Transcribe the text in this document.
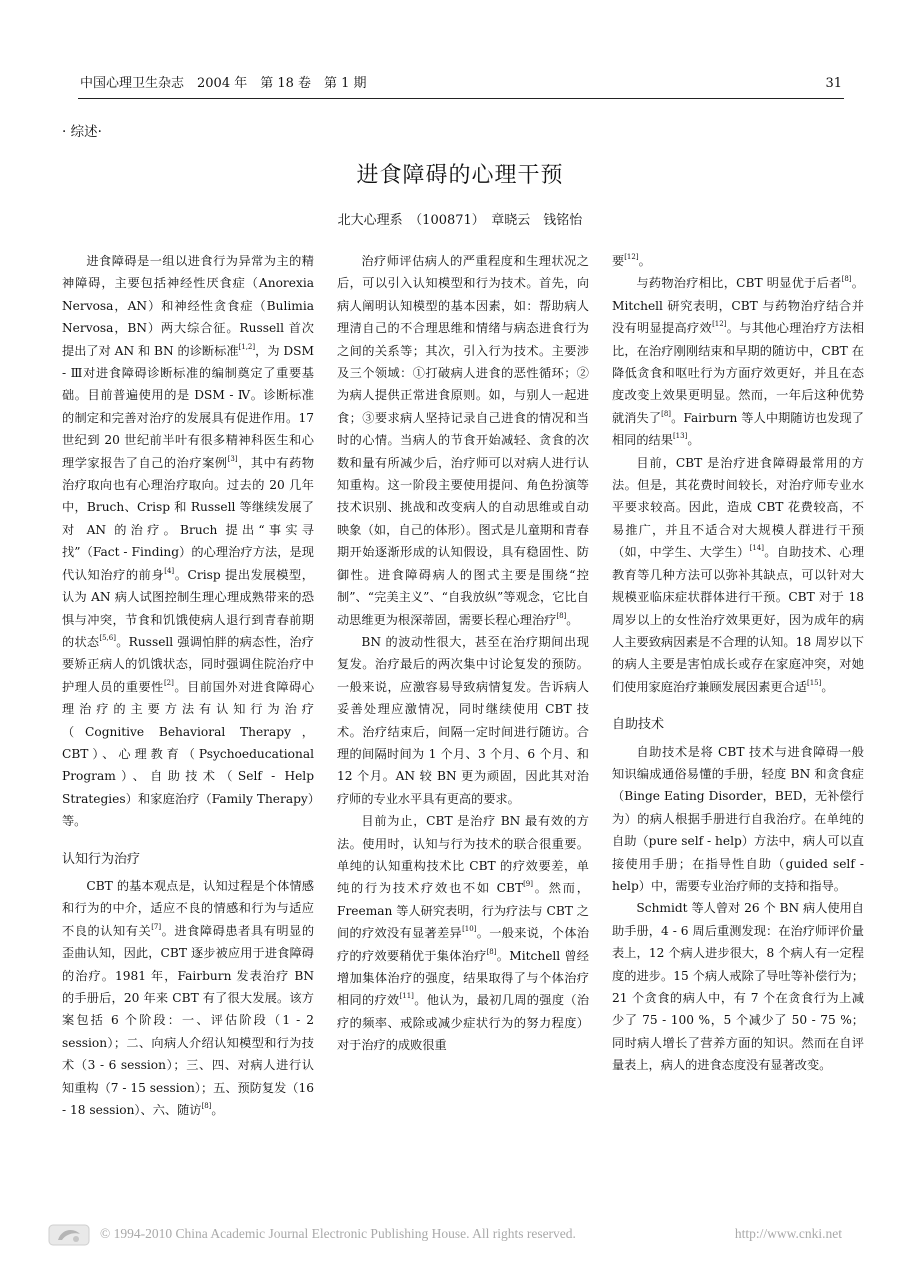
中国心理卫生杂志　2004 年　第 18 卷　第 1 期	31
· 综述·
进食障碍的心理干预
北大心理系　（100871）　章晓云　钱铭怡

进食障碍是一组以进食行为异常为主的精神障碍，主要包括神经性厌食症（Anorexia Nervosa，AN）和神经性贪食症（Bulimia Nervosa，BN）两大综合征。Russell 首次提出了对 AN 和 BN 的诊断标准[1,2]，为 DSM - Ⅲ对进食障碍诊断标准的编制奠定了重要基础。目前普遍使用的是 DSM - Ⅳ。诊断标准的制定和完善对治疗的发展具有促进作用。17 世纪到 20 世纪前半叶有很多精神科医生和心理学家报告了自己的治疗案例[3]，其中有药物治疗取向也有心理治疗取向。过去的 20 几年中，Bruch、Crisp 和 Russell 等继续发展了对 AN 的治疗。Bruch 提出“事实寻找”（Fact - Finding）的心理治疗方法，是现代认知治疗的前身[4]。Crisp 提出发展模型，认为 AN 病人试图控制生理心理成熟带来的恐惧与冲突，节食和饥饿使病人退行到青春前期的状态[5,6]。Russell 强调怕胖的病态性，治疗要矫正病人的饥饿状态，同时强调住院治疗中护理人员的重要性[2]。目前国外对进食障碍心理治疗的主要方法有认知行为治疗（Cognitive Behavioral Therapy，CBT）、心理教育（Psychoeducational Program）、自助技术（Self - Help Strategies）和家庭治疗（Family Therapy）等。

认知行为治疗

CBT 的基本观点是，认知过程是个体情感和行为的中介，适应不良的情感和行为与适应不良的认知有关[7]。进食障碍患者具有明显的歪曲认知，因此，CBT 逐步被应用于进食障碍的治疗。1981 年，Fairburn 发表治疗 BN 的手册后，20 年来 CBT 有了很大发展。该方案包括 6 个阶段：一、评估阶段（1 - 2 session）；二、向病人介绍认知模型和行为技术（3 - 6 session）；三、四、对病人进行认知重构（7 - 15 session）；五、预防复发（16 - 18 session）、六、随访[8]。

治疗师评估病人的严重程度和生理状况之后，可以引入认知模型和行为技术。首先，向病人阐明认知模型的基本因素，如：帮助病人理清自己的不合理思维和情绪与病态进食行为之间的关系等；其次，引入行为技术。主要涉及三个领域：①打破病人进食的恶性循环；②为病人提供正常进食原则。如，与别人一起进食；③要求病人坚持记录自己进食的情况和当时的心情。当病人的节食开始减轻、贪食的次数和量有所减少后，治疗师可以对病人进行认知重构。这一阶段主要使用提问、角色扮演等技术识别、挑战和改变病人的自动思维或自动映象（如，自己的体形）。图式是儿童期和青春期开始逐渐形成的认知假设，具有稳固性、防御性。进食障碍病人的图式主要是围绕“控制”、“完美主义”、“自我放纵”等观念，它比自动思维更为根深蒂固，需要长程心理治疗[8]。

BN 的波动性很大，甚至在治疗期间出现复发。治疗最后的两次集中讨论复发的预防。一般来说，应激容易导致病情复发。告诉病人妥善处理应激情况，同时继续使用 CBT 技术。治疗结束后，间隔一定时间进行随访。合理的间隔时间为 1 个月、3 个月、6 个月、和 12 个月。AN 较 BN 更为顽固，因此其对治疗师的专业水平具有更高的要求。

目前为止，CBT 是治疗 BN 最有效的方法。使用时，认知与行为技术的联合很重要。单纯的认知重构技术比 CBT 的疗效要差，单纯的行为技术疗效也不如 CBT[9]。然而，Freeman 等人研究表明，行为疗法与 CBT 之间的疗效没有显著差异[10]。一般来说，个体治疗的疗效要稍优于集体治疗[8]。Mitchell 曾经增加集体治疗的强度，结果取得了与个体治疗相同的疗效[11]。他认为，最初几周的强度（治疗的频率、戒除或减少症状行为的努力程度）对于治疗的成败很重

要[12]。

与药物治疗相比，CBT 明显优于后者[8]。Mitchell 研究表明，CBT 与药物治疗结合并没有明显提高疗效[12]。与其他心理治疗方法相比，在治疗刚刚结束和早期的随访中，CBT 在降低贪食和呕吐行为方面疗效更好，并且在态度改变上效果更明显。然而，一年后这种优势就消失了[8]。Fairburn 等人中期随访也发现了相同的结果[13]。

目前，CBT 是治疗进食障碍最常用的方法。但是，其花费时间较长，对治疗师专业水平要求较高。因此，造成 CBT 花费较高，不易推广，并且不适合对大规模人群进行干预（如，中学生、大学生）[14]。自助技术、心理教育等几种方法可以弥补其缺点，可以针对大规模亚临床症状群体进行干预。CBT 对于 18 周岁以上的女性治疗效果更好，因为成年的病人主要致病因素是不合理的认知。18 周岁以下的病人主要是害怕成长或存在家庭冲突，对她们使用家庭治疗兼顾发展因素更合适[15]。

自助技术

自助技术是将 CBT 技术与进食障碍一般知识编成通俗易懂的手册，轻度 BN 和贪食症（Binge Eating Disorder，BED，无补偿行为）的病人根据手册进行自我治疗。在单纯的自助（pure self - help）方法中，病人可以直接使用手册；在指导性自助（guided self - help）中，需要专业治疗师的支持和指导。

Schmidt 等人曾对 26 个 BN 病人使用自助手册，4 - 6 周后重测发现：在治疗师评价量表上，12 个病人进步很大，8 个病人有一定程度的进步。15 个病人戒除了导吐等补偿行为；21 个贪食的病人中，有 7 个在贪食行为上减少了 75 - 100 %，5 个减少了 50 - 75 %；同时病人增长了营养方面的知识。然而在自评量表上，病人的进食态度没有显著改变。

© 1994-2010 China Academic Journal Electronic Publishing House. All rights reserved.	http://www.cnki.net
